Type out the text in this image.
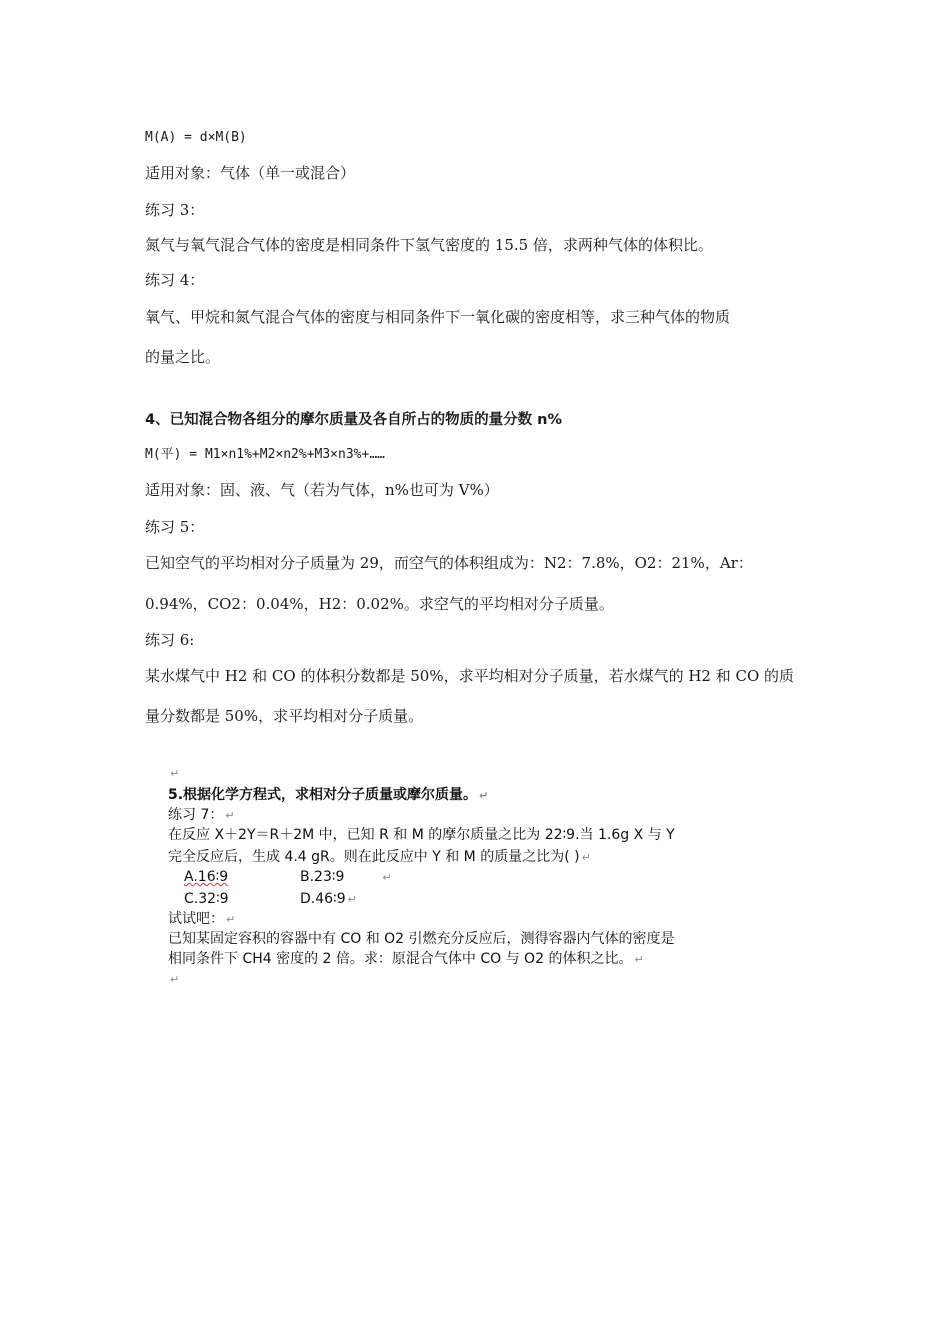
M(A) = d×M(B)
适用对象：气体（单一或混合）
练习 3：
氮气与氧气混合气体的密度是相同条件下氢气密度的 15.5 倍，求两种气体的体积比。
练习 4：
氧气、甲烷和氮气混合气体的密度与相同条件下一氧化碳的密度相等，求三种气体的物质
的量之比。
4、已知混合物各组分的摩尔质量及各自所占的物质的量分数 n%
M(平) = M1×n1%+M2×n2%+M3×n3%+……
适用对象：固、液、气（若为气体，n%也可为 V%）
练习 5：
已知空气的平均相对分子质量为 29，而空气的体积组成为：N2：7.8%，O2：21%，Ar：
0.94%，CO2：0.04%，H2：0.02%。求空气的平均相对分子质量。
练习 6:
某水煤气中 H2 和 CO 的体积分数都是 50%，求平均相对分子质量，若水煤气的 H2 和 CO 的质
量分数都是 50%，求平均相对分子质量。
↵
5.根据化学方程式，求相对分子质量或摩尔质量。 ↵
练习 7： ↵
在反应 X＋2Y＝R＋2M 中，已知 R 和 M 的摩尔质量之比为 22∶9.当 1.6g X 与 Y
完全反应后，生成 4.4 gR。则在此反应中 Y 和 M 的质量之比为( ) ↵
A.16∶9	B.23∶9	↵
C.32∶9	D.46∶9 ↵
试试吧： ↵
已知某固定容积的容器中有 CO 和 O2 引燃充分反应后，测得容器内气体的密度是
相同条件下 CH4 密度的 2 倍。求：原混合气体中 CO 与 O2 的体积之比。 ↵
↵
